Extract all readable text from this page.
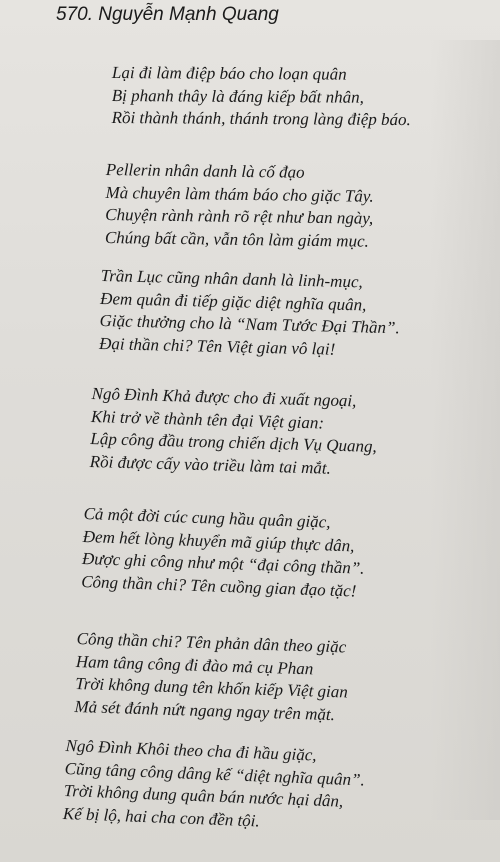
570. Nguyễn Mạnh Quang
Lại đi làm điệp báo cho loạn quân
Bị phanh thây là đáng kiếp bất nhân,
Rồi thành thánh, thánh trong làng điệp báo.
Pellerin nhân danh là cố đạo
Mà chuyên làm thám báo cho giặc Tây.
Chuyện rành rành rõ rệt như ban ngày,
Chúng bất cần, vẫn tôn làm giám mục.
Trần Lục cũng nhân danh là linh-mục,
Đem quân đi tiếp giặc diệt nghĩa quân,
Giặc thưởng cho là “Nam Tước Đại Thần”.
Đại thần chi? Tên Việt gian vô lại!
Ngô Đình Khả được cho đi xuất ngoại,
Khi trở về thành tên đại Việt gian:
Lập công đầu trong chiến dịch Vụ Quang,
Rồi được cấy vào triều làm tai mắt.
Cả một đời cúc cung hầu quân giặc,
Đem hết lòng khuyển mã giúp thực dân,
Được ghi công như một “đại công thần”.
Công thần chi? Tên cuồng gian đạo tặc!
Công thần chi? Tên phản dân theo giặc
Ham tâng công đi đào mả cụ Phan
Trời không dung tên khốn kiếp Việt gian
Mả sét đánh nứt ngang ngay trên mặt.
Ngô Đình Khôi theo cha đi hầu giặc,
Cũng tâng công dâng kế “diệt nghĩa quân”.
Trời không dung quân bán nước hại dân,
Kế bị lộ, hai cha con đền tội.
